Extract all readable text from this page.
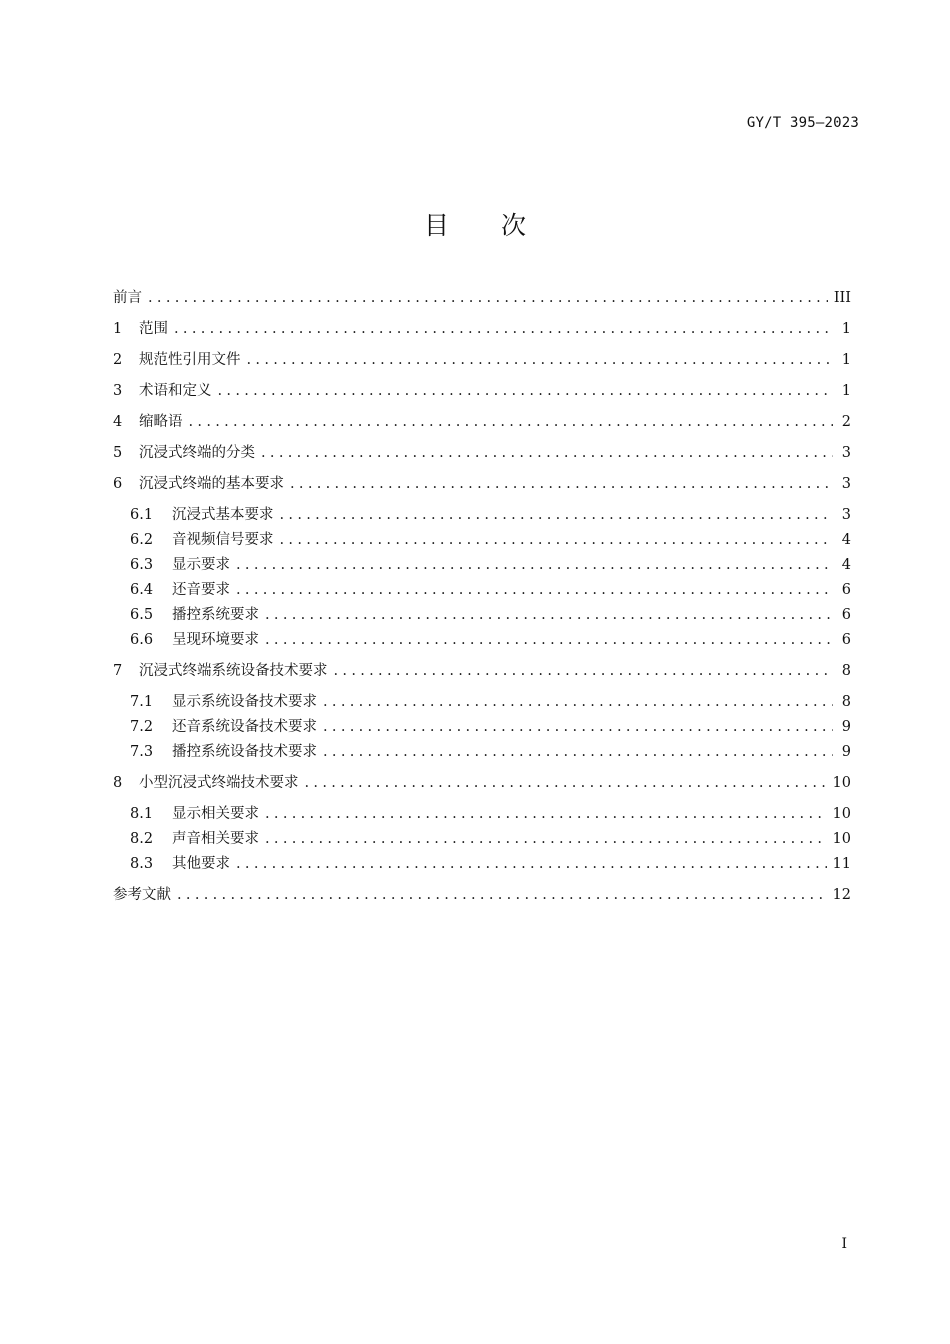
GY/T 395—2023
目 次
前言 .....	III
1	范围 .....	1
2	规范性引用文件 .....	1
3	术语和定义 .....	1
4	缩略语 .....	2
5	沉浸式终端的分类 .....	3
6	沉浸式终端的基本要求 .....	3
6.1	沉浸式基本要求 .....	3
6.2	音视频信号要求 .....	4
6.3	显示要求 .....	4
6.4	还音要求 .....	6
6.5	播控系统要求 .....	6
6.6	呈现环境要求 .....	6
7	沉浸式终端系统设备技术要求 .....	8
7.1	显示系统设备技术要求 .....	8
7.2	还音系统设备技术要求 .....	9
7.3	播控系统设备技术要求 .....	9
8	小型沉浸式终端技术要求 .....	10
8.1	显示相关要求 .....	10
8.2	声音相关要求 .....	10
8.3	其他要求 .....	11
参考文献 .....	12
I
